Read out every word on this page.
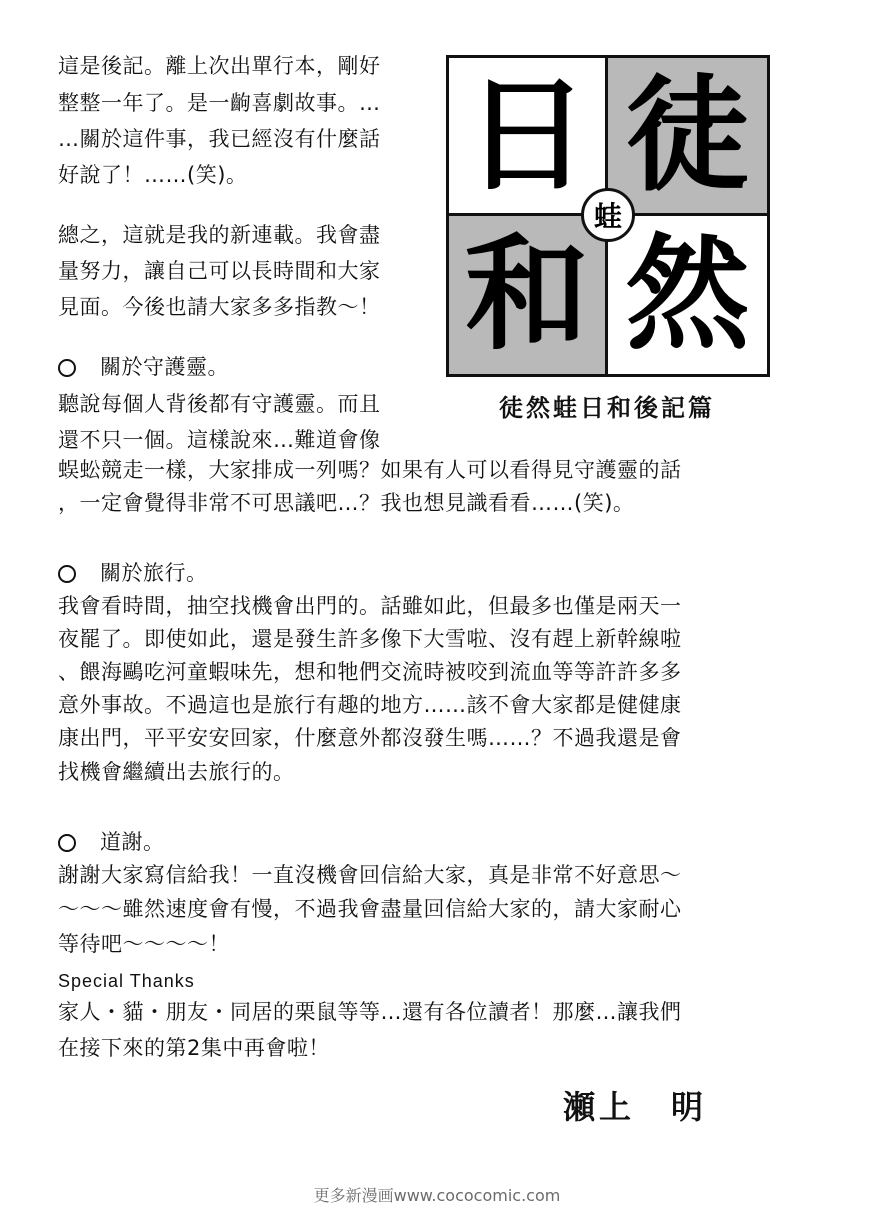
日 徒
和 然
蛙
徒然蛙日和後記篇
這是後記。離上次出單行本，剛好
整整一年了。是一齣喜劇故事。…
…關於這件事，我已經沒有什麼話
好說了！……(笑)。
總之，這就是我的新連載。我會盡
量努力，讓自己可以長時間和大家
見面。今後也請大家多多指教～！
關於守護靈。
聽說每個人背後都有守護靈。而且
還不只一個。這樣說來…難道會像
蜈蚣競走一樣，大家排成一列嗎？如果有人可以看得見守護靈的話
，一定會覺得非常不可思議吧…？我也想見識看看……(笑)。
關於旅行。
我會看時間，抽空找機會出門的。話雖如此，但最多也僅是兩天一
夜罷了。即使如此，還是發生許多像下大雪啦、沒有趕上新幹線啦
、餵海鷗吃河童蝦味先，想和牠們交流時被咬到流血等等許許多多
意外事故。不過這也是旅行有趣的地方……該不會大家都是健健康
康出門，平平安安回家，什麼意外都沒發生嗎……？不過我還是會
找機會繼續出去旅行的。
道謝。
謝謝大家寫信給我！一直沒機會回信給大家，真是非常不好意思～
～～～雖然速度會有慢，不過我會盡量回信給大家的，請大家耐心
等待吧～～～～！
Special Thanks
家人・貓・朋友・同居的栗鼠等等…還有各位讀者！那麼…讓我們
在接下來的第2集中再會啦！
瀬上　明
更多新漫画www.cococomic.com
